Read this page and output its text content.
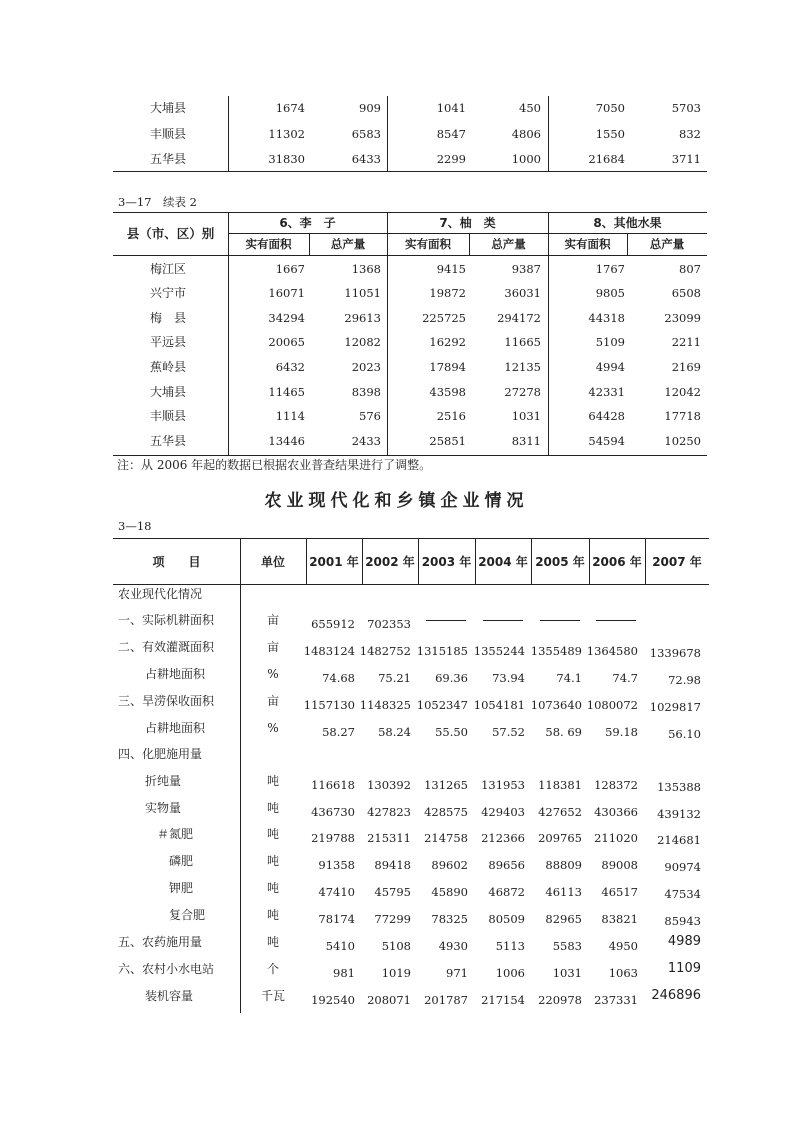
大埔县	1674	909	1041	450	7050	5703
丰顺县	11302	6583	8547	4806	1550	832
五华县	31830	6433	2299	1000	21684	3711
3—17　续表 2
县（市、区）别
6、李　子	7、柚　类	8、其他水果
实有面积	总产量	实有面积	总产量	实有面积	总产量
梅江区	1667	1368	9415	9387	1767	807
兴宁市	16071	11051	19872	36031	9805	6508
梅　县	34294	29613	225725	294172	44318	23099
平远县	20065	12082	16292	11665	5109	2211
蕉岭县	6432	2023	17894	12135	4994	2169
大埔县	11465	8398	43598	27278	42331	12042
丰顺县	1114	576	2516	1031	64428	17718
五华县	13446	2433	25851	8311	54594	10250
注：从 2006 年起的数据已根据农业普查结果进行了调整。
农业现代化和乡镇企业情况
3—18
项　　目	单位	2001 年 2002 年 2003 年 2004 年 2005 年 2006 年 2007 年
农业现代化情况
一、实际机耕面积	亩	655912	702353
二、有效灌溉面积	亩	1483124 1482752 1315185 1355244 1355489 1364580	1339678
占耕地面积	%	74.68	75.21	69.36	73.94	74.1	74.7	72.98
三、旱涝保收面积	亩	1157130 1148325 1052347 1054181 1073640 1080072	1029817
占耕地面积	%	58.27	58.24	55.50	57.52	58. 69	59.18	56.10
四、化肥施用量
折纯量	吨	116618	130392	131265	131953	118381	128372	135388
实物量	吨	436730	427823	428575	429403	427652	430366	439132
＃氮肥	吨	219788	215311	214758	212366	209765	211020	214681
磷肥	吨	91358	89418	89602	89656	88809	89008	90974
钾肥	吨	47410	45795	45890	46872	46113	46517	47534
复合肥	吨	78174	77299	78325	80509	82965	83821	85943
五、农药施用量	吨	5410	5108	4930	5113	5583	4950	4989
六、农村小水电站	个	981	1019	971	1006	1031	1063	1109
装机容量	千瓦	192540	208071	201787	217154	220978	237331	246896
